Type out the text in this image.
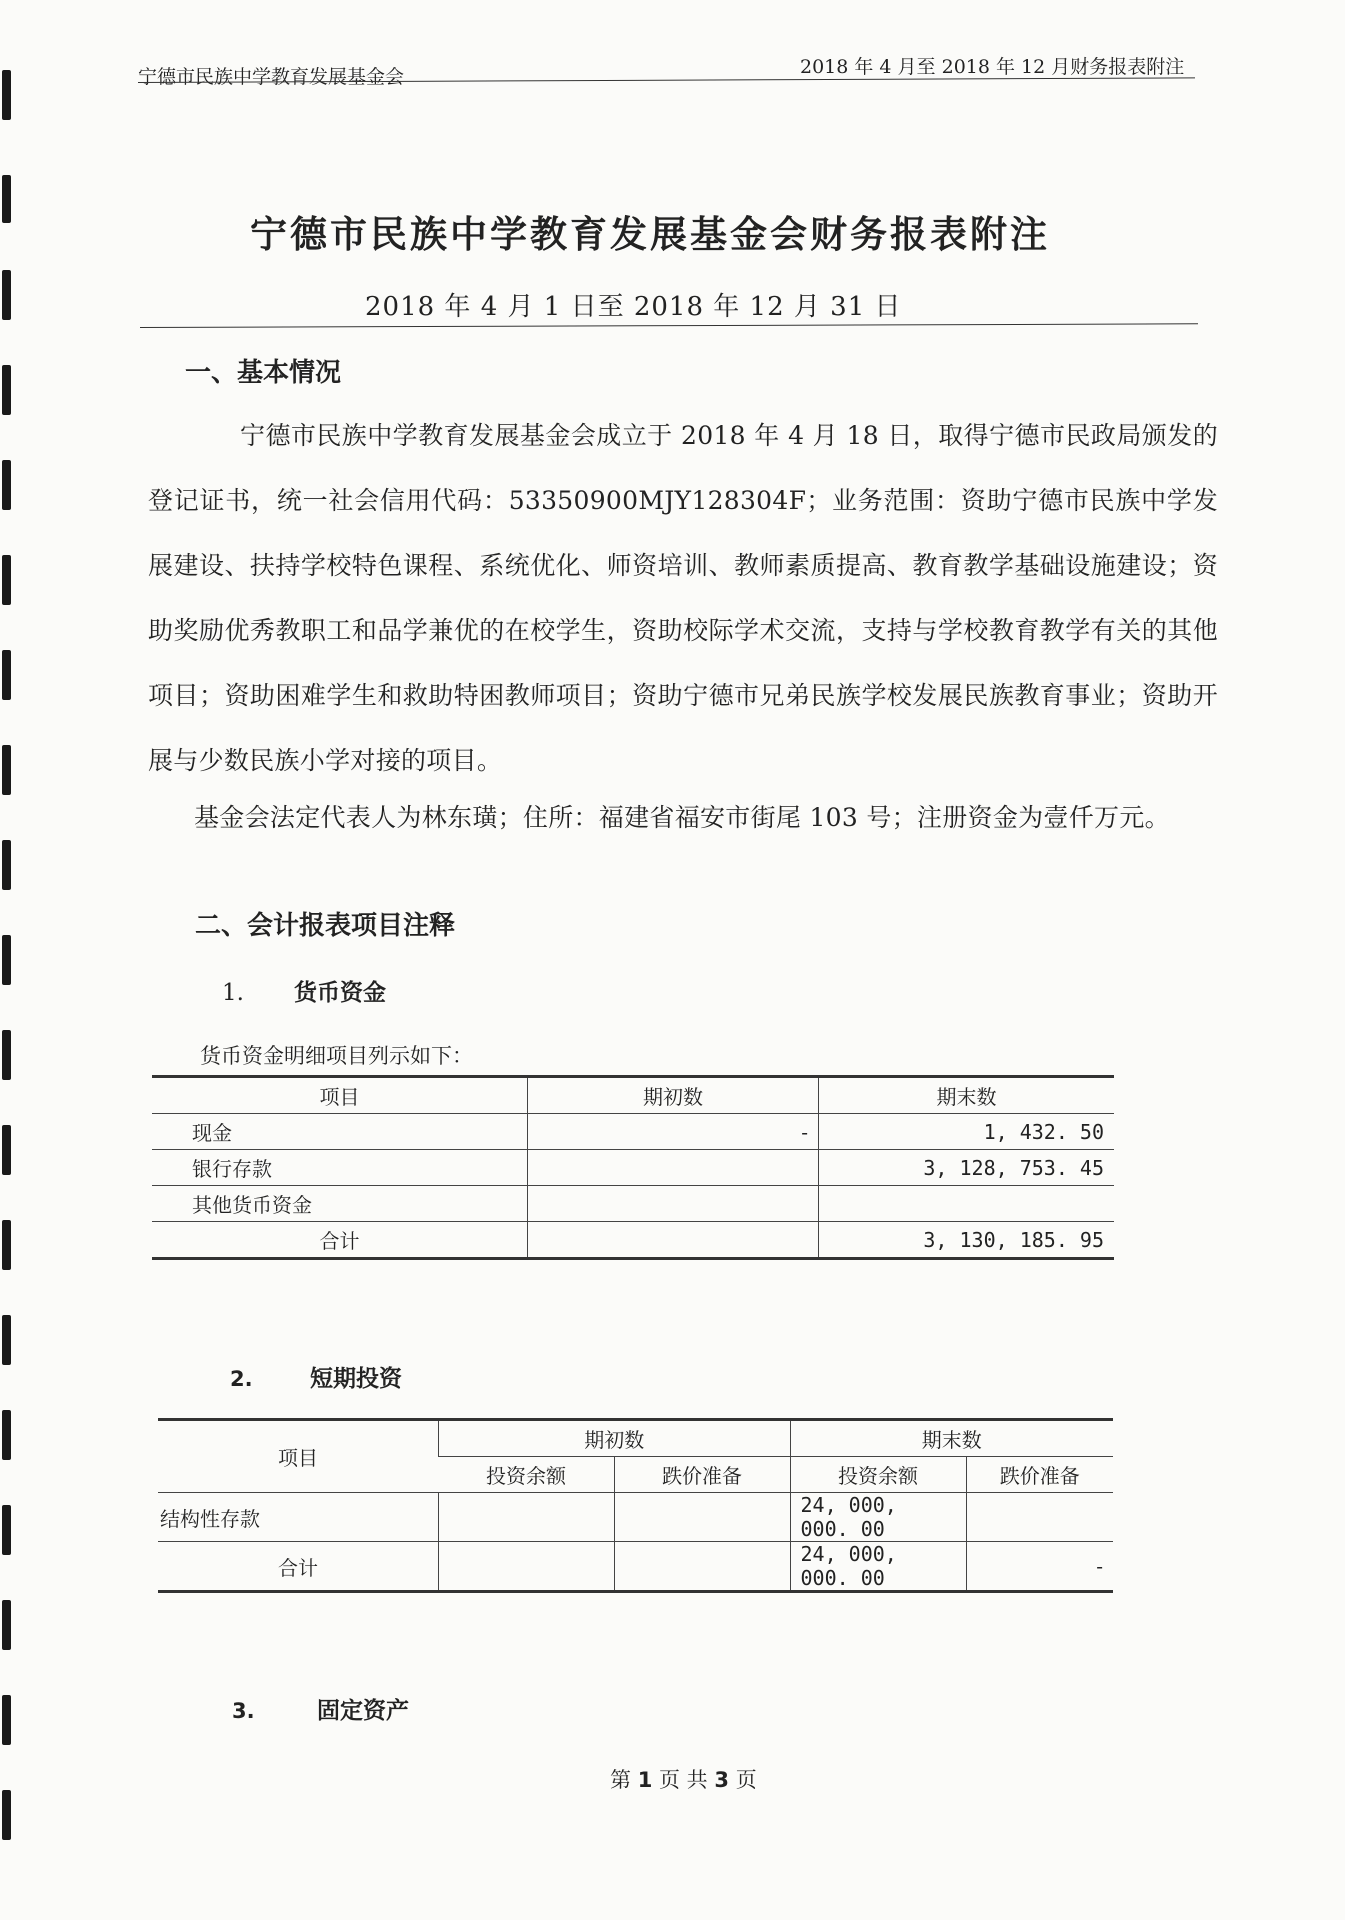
宁德市民族中学教育发展基金会	2018 年 4 月至 2018 年 12 月财务报表附注
宁德市民族中学教育发展基金会财务报表附注
2018 年 4 月 1 日至 2018 年 12 月 31 日
一、基本情况

宁德市民族中学教育发展基金会成立于 2018 年 4 月 18 日，取得宁德市民政局颁发的登记证书，统一社会信用代码：53350900MJY128304F；业务范围：资助宁德市民族中学发展建设、扶持学校特色课程、系统优化、师资培训、教师素质提高、教育教学基础设施建设；资助奖励优秀教职工和品学兼优的在校学生，资助校际学术交流，支持与学校教育教学有关的其他项目；资助困难学生和救助特困教师项目；资助宁德市兄弟民族学校发展民族教育事业；资助开展与少数民族小学对接的项目。

基金会法定代表人为林东璜；住所：福建省福安市街尾 103 号；注册资金为壹仟万元。

二、会计报表项目注释
1. 货币资金
货币资金明细项目列示如下：
项目	期初数	期末数
现金	-	1, 432. 50
银行存款		3, 128, 753. 45
其他货币资金		
合计		3, 130, 185. 95
2. 短期投资
项目	期初数		期末数	
	投资余额	跌价准备	投资余额	跌价准备
结构性存款			24, 000, 000. 00	
合计			24, 000, 000. 00	-
3.	固定资产
第 1 页 共 3 页
